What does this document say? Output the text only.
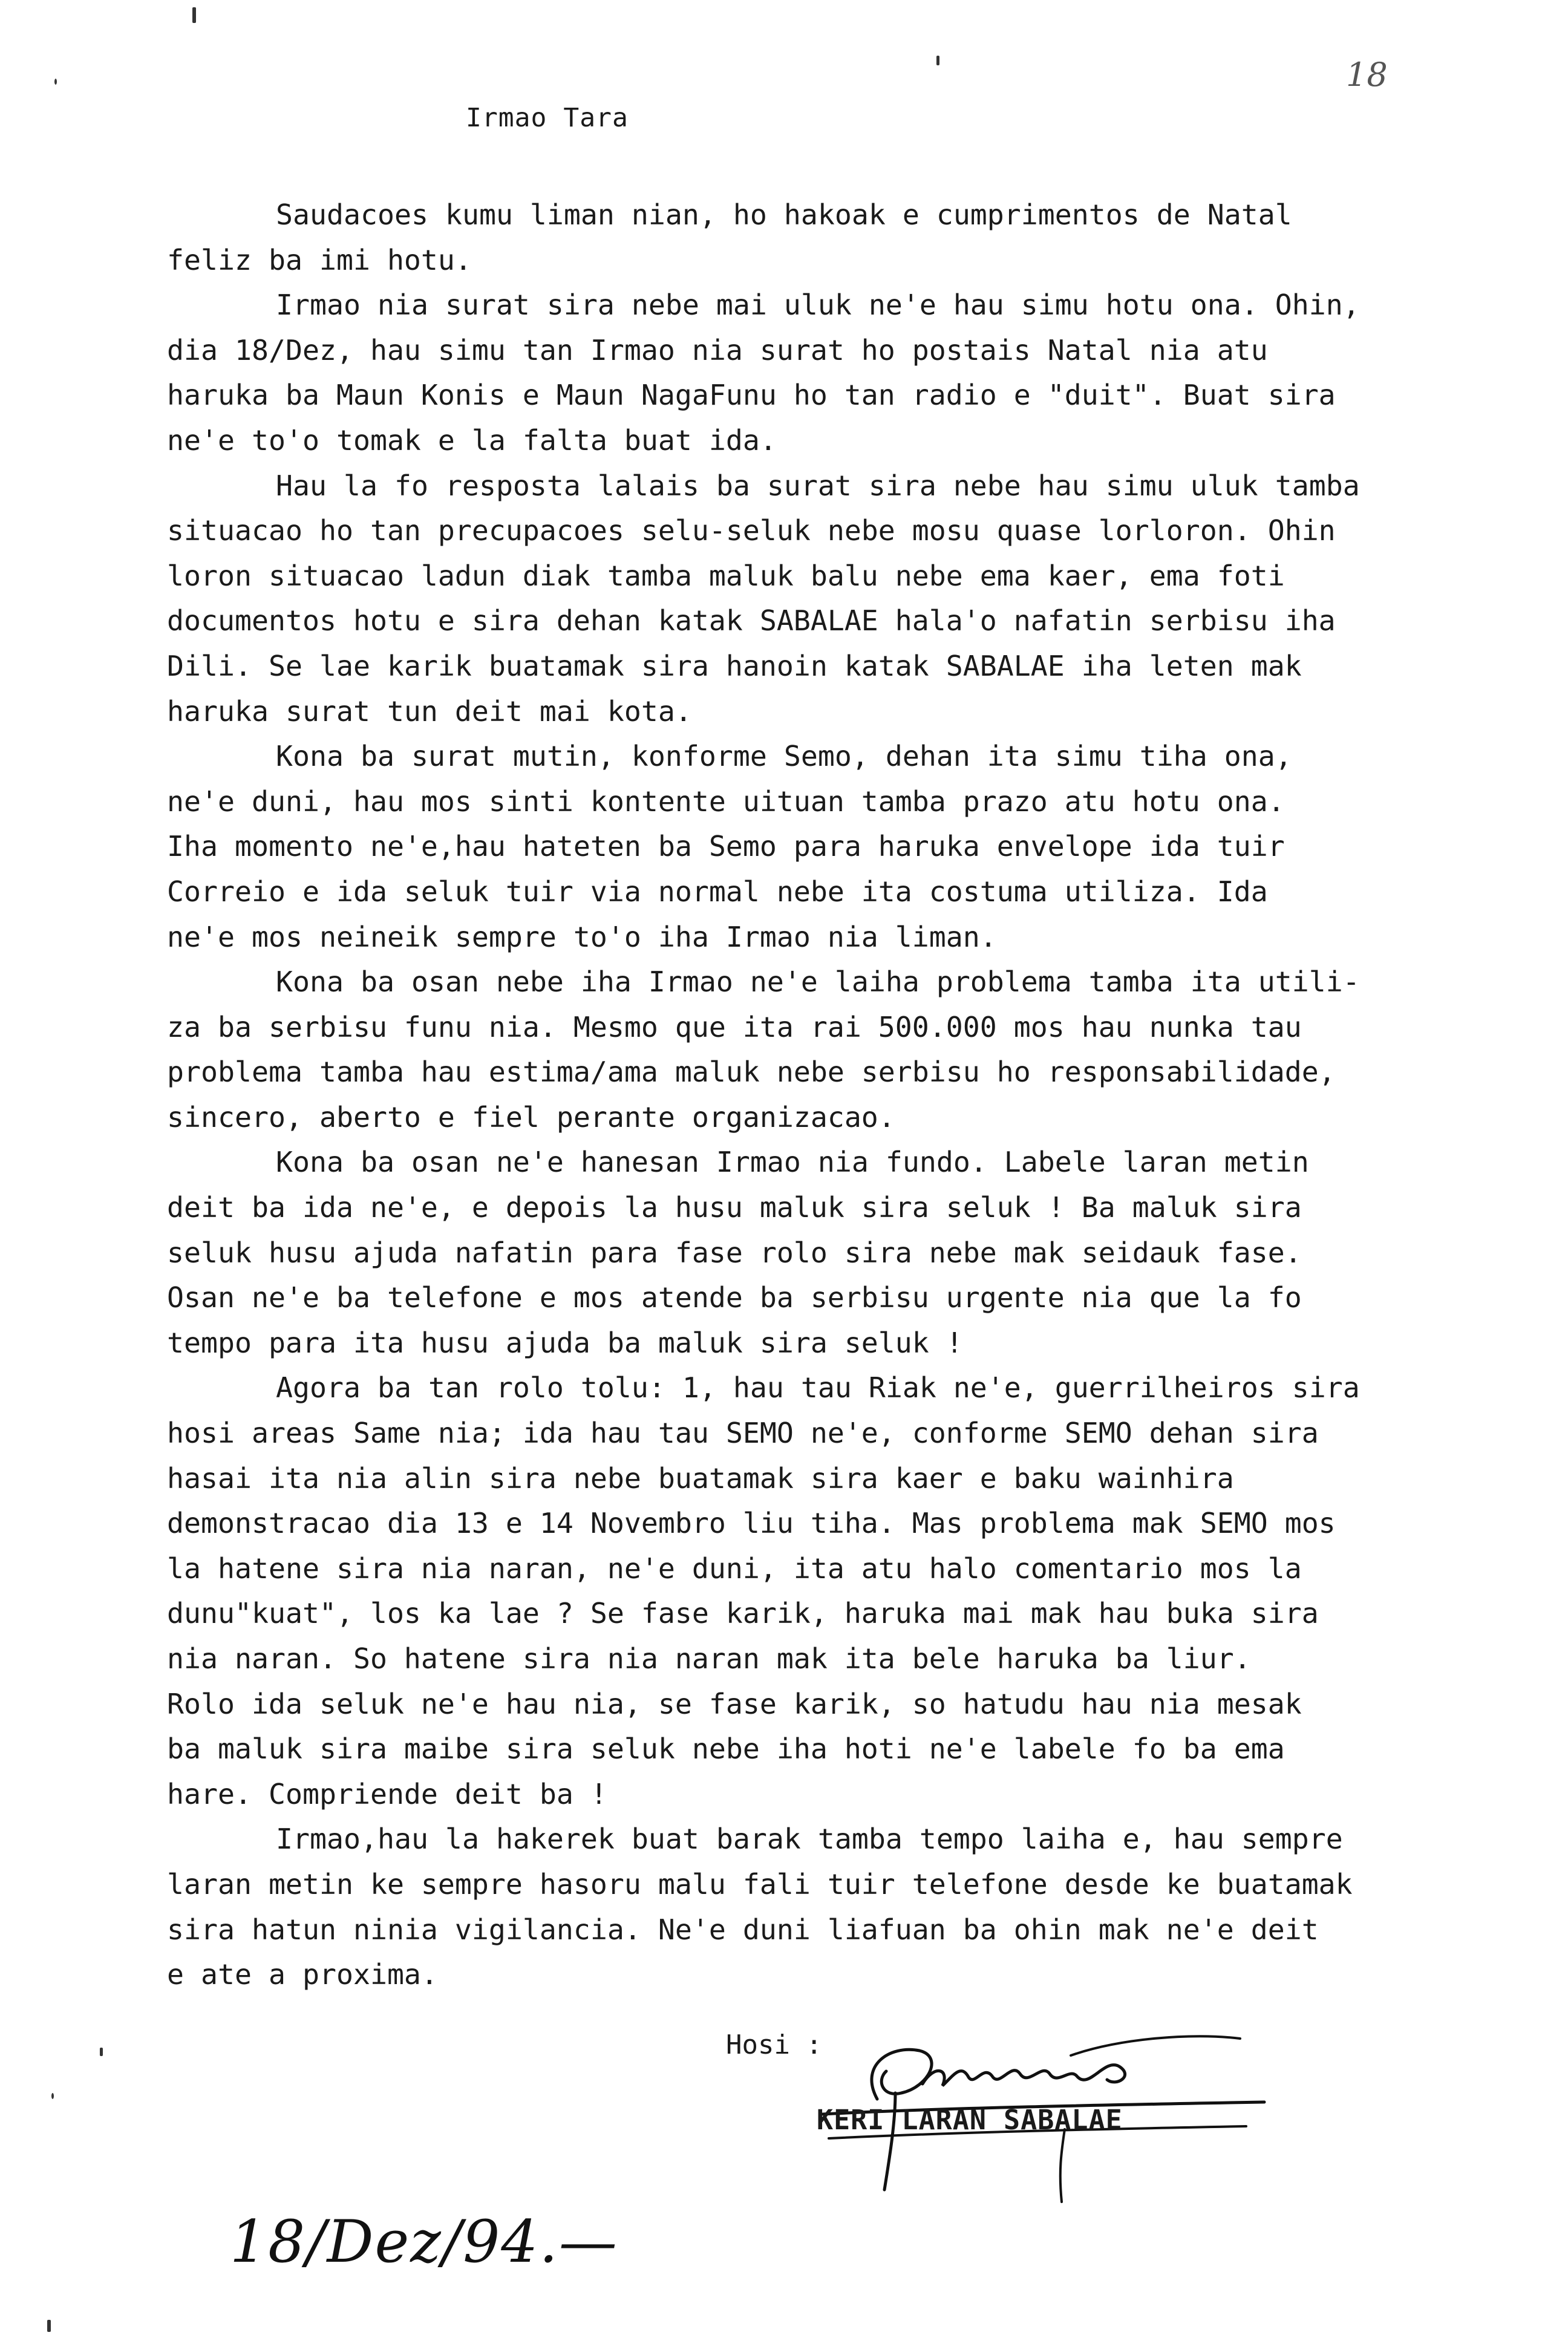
Irmao Tara
18
Saudacoes kumu liman nian, ho hakoak e cumprimentos de Natal
feliz ba imi hotu.
Irmao nia surat sira nebe mai uluk ne'e hau simu hotu ona. Ohin,
dia 18/Dez, hau simu tan Irmao nia surat ho postais Natal nia atu
haruka ba Maun Konis e Maun NagaFunu ho tan radio e "duit". Buat sira
ne'e to'o tomak e la falta buat ida.
Hau la fo resposta lalais ba surat sira nebe hau simu uluk tamba
situacao ho tan precupacoes selu-seluk nebe mosu quase lorloron. Ohin
loron situacao ladun diak tamba maluk balu nebe ema kaer, ema foti
documentos hotu e sira dehan katak SABALAE hala'o nafatin serbisu iha
Dili. Se lae karik buatamak sira hanoin katak SABALAE iha leten mak
haruka surat tun deit mai kota.
Kona ba surat mutin, konforme Semo, dehan ita simu tiha ona,
ne'e duni, hau mos sinti kontente uituan tamba prazo atu hotu ona.
Iha momento ne'e,hau hateten ba Semo para haruka envelope ida tuir
Correio e ida seluk tuir via normal nebe ita costuma utiliza. Ida
ne'e mos neineik sempre to'o iha Irmao nia liman.
Kona ba osan nebe iha Irmao ne'e laiha problema tamba ita utili-
za ba serbisu funu nia. Mesmo que ita rai 500.000 mos hau nunka tau
problema tamba hau estima/ama maluk nebe serbisu ho responsabilidade,
sincero, aberto e fiel perante organizacao.
Kona ba osan ne'e hanesan Irmao nia fundo. Labele laran metin
deit ba ida ne'e, e depois la husu maluk sira seluk ! Ba maluk sira
seluk husu ajuda nafatin para fase rolo sira nebe mak seidauk fase.
Osan ne'e ba telefone e mos atende ba serbisu urgente nia que la fo
tempo para ita husu ajuda ba maluk sira seluk !
Agora ba tan rolo tolu: 1, hau tau Riak ne'e, guerrilheiros sira
hosi areas Same nia; ida hau tau SEMO ne'e, conforme SEMO dehan sira
hasai ita nia alin sira nebe buatamak sira kaer e baku wainhira
demonstracao dia 13 e 14 Novembro liu tiha. Mas problema mak SEMO mos
la hatene sira nia naran, ne'e duni, ita atu halo comentario mos la
dunu"kuat", los ka lae ? Se fase karik, haruka mai mak hau buka sira
nia naran. So hatene sira nia naran mak ita bele haruka ba liur.
Rolo ida seluk ne'e hau nia, se fase karik, so hatudu hau nia mesak
ba maluk sira maibe sira seluk nebe iha hoti ne'e labele fo ba ema
hare. Compriende deit ba !
Irmao,hau la hakerek buat barak tamba tempo laiha e, hau sempre
laran metin ke sempre hasoru malu fali tuir telefone desde ke buatamak
sira hatun ninia vigilancia. Ne'e duni liafuan ba ohin mak ne'e deit
e ate a proxima.
Hosi :
KERI LARAN SABALAE
18/Dez/94.—
